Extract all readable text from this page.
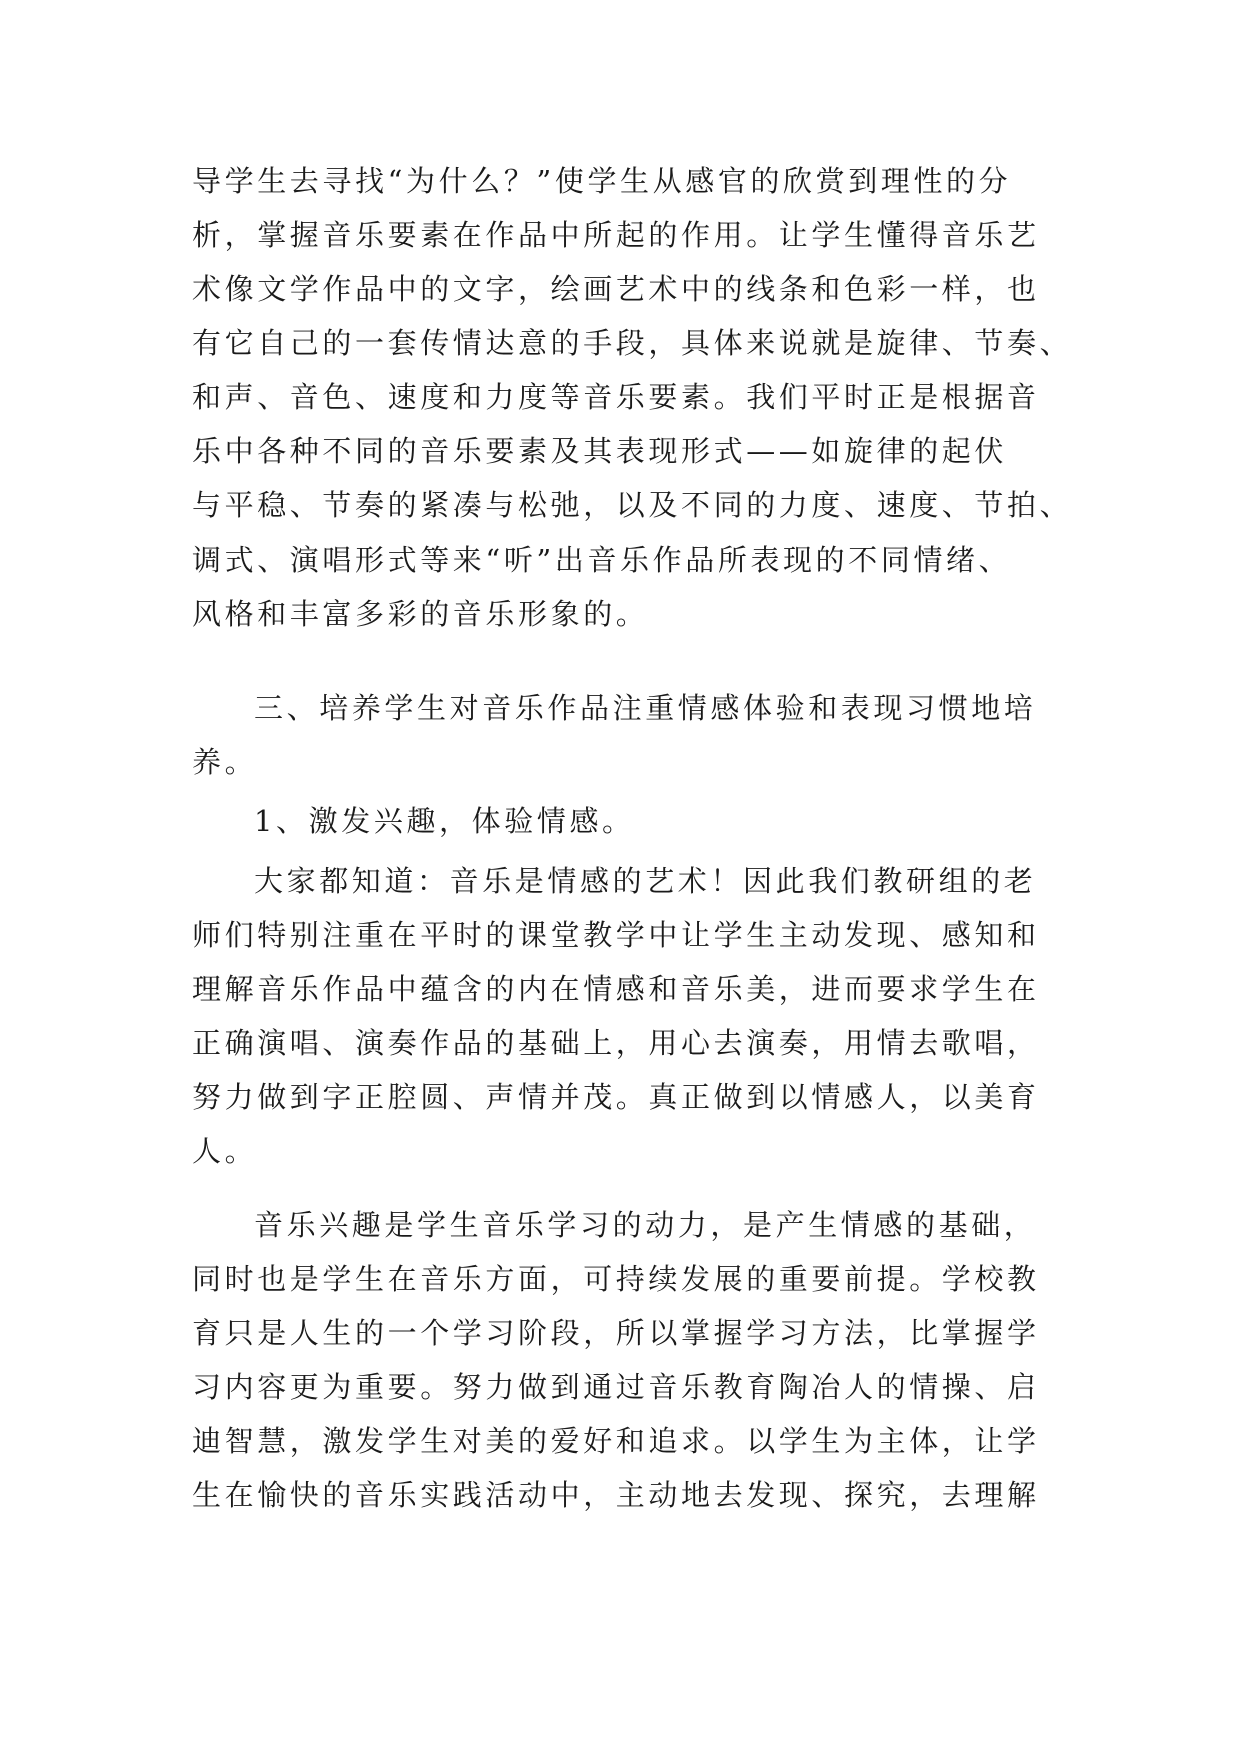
导学生去寻找“为什么？”使学生从感官的欣赏到理性的分
析，掌握音乐要素在作品中所起的作用。让学生懂得音乐艺
术像文学作品中的文字，绘画艺术中的线条和色彩一样，也
有它自己的一套传情达意的手段，具体来说就是旋律、节奏、
和声、音色、速度和力度等音乐要素。我们平时正是根据音
乐中各种不同的音乐要素及其表现形式——如旋律的起伏
与平稳、节奏的紧凑与松弛，以及不同的力度、速度、节拍、
调式、演唱形式等来“听”出音乐作品所表现的不同情绪、
风格和丰富多彩的音乐形象的。
三、培养学生对音乐作品注重情感体验和表现习惯地培
养。
1、激发兴趣，体验情感。
大家都知道：音乐是情感的艺术！因此我们教研组的老
师们特别注重在平时的课堂教学中让学生主动发现、感知和
理解音乐作品中蕴含的内在情感和音乐美，进而要求学生在
正确演唱、演奏作品的基础上，用心去演奏，用情去歌唱，
努力做到字正腔圆、声情并茂。真正做到以情感人，以美育
人。
音乐兴趣是学生音乐学习的动力，是产生情感的基础，
同时也是学生在音乐方面，可持续发展的重要前提。学校教
育只是人生的一个学习阶段，所以掌握学习方法，比掌握学
习内容更为重要。努力做到通过音乐教育陶冶人的情操、启
迪智慧，激发学生对美的爱好和追求。以学生为主体，让学
生在愉快的音乐实践活动中，主动地去发现、探究，去理解
